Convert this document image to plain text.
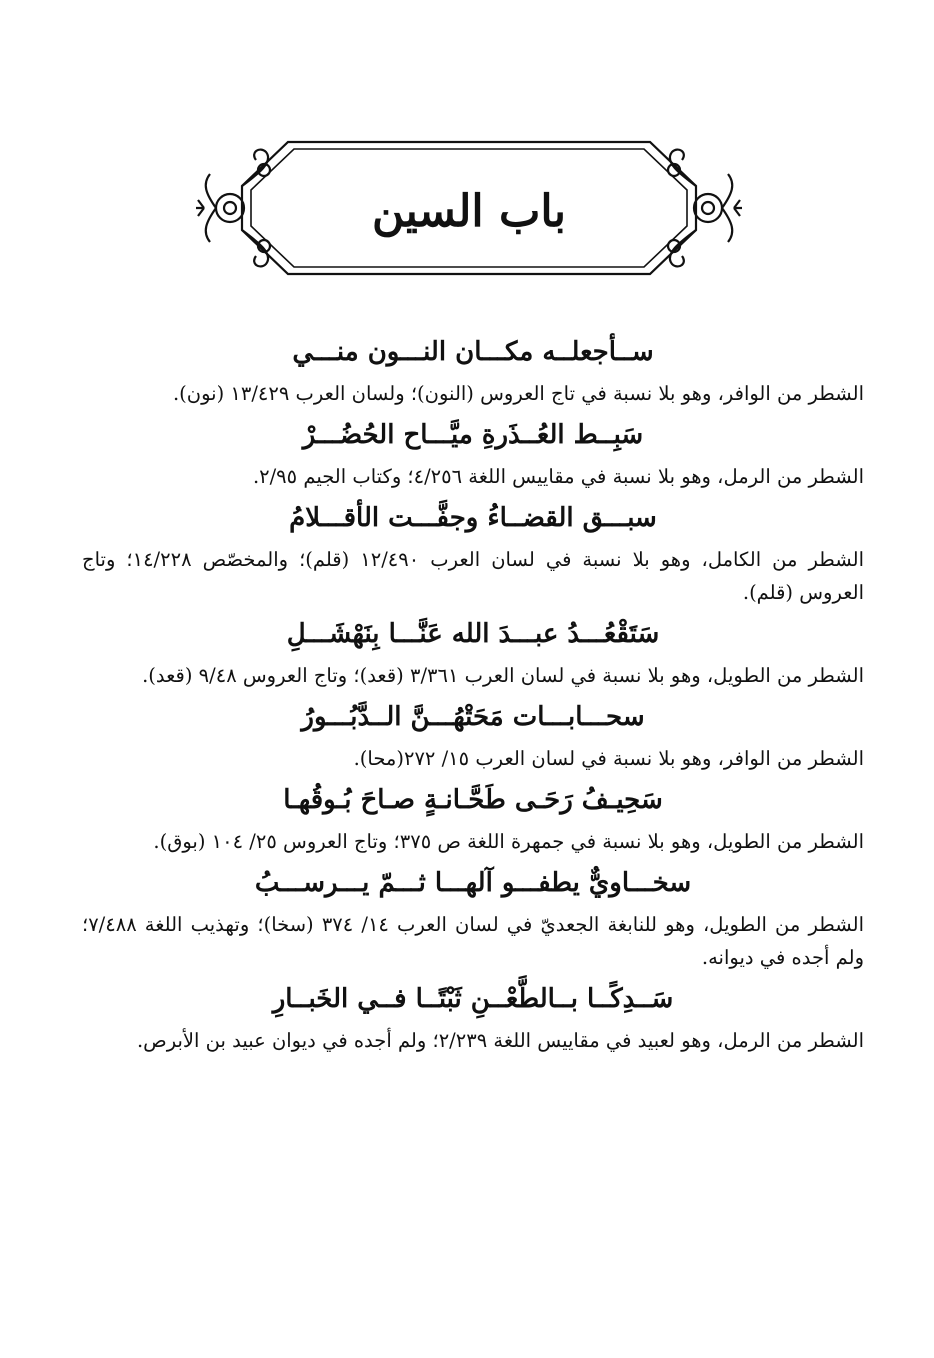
باب السين

ســأجعلــه مكـــان النـــون منـــي

الشطر من الوافر، وهو بلا نسبة في تاج العروس (النون)؛ ولسان العرب ١٣/٤٢٩ (نون).

سَبِــط العُــذَرةِ ميَّـــاح الحُضُـــرْ

الشطر من الرمل، وهو بلا نسبة في مقاييس اللغة ٤/٢٥٦؛ وكتاب الجيم ٢/٩٥.

سبـــق القضــاءُ وجفَّـــت الأقـــلامُ

الشطر من الكامل، وهو بلا نسبة في لسان العرب ١٢/٤٩٠ (قلم)؛ والمخصّص ١٤/٢٢٨؛ وتاج العروس (قلم).

سَتَقْعُـــدُ عبـــدَ الله عَنَّـــا بِنَهْشَـــلِ

الشطر من الطويل، وهو بلا نسبة في لسان العرب ٣/٣٦١ (قعد)؛ وتاج العروس ٩/٤٨ (قعد).

سحـــابـــات مَحَتْهُـــنَّ الــدَّبُـــورُ

الشطر من الوافر، وهو بلا نسبة في لسان العرب ١٥/ ٢٧٢(محا).

سَحِيـفُ رَحَـى طَحَّـانـةٍ صـاحَ بُـوقُهـا

الشطر من الطويل، وهو بلا نسبة في جمهرة اللغة ص ٣٧٥؛ وتاج العروس ٢٥/ ١٠٤ (بوق).

سخـــاويٌّ يطفـــو آلهـــا ثـــمّ يـــرســـبُ

الشطر من الطويل، وهو للنابغة الجعديّ في لسان العرب ١٤/ ٣٧٤ (سخا)؛ وتهذيب اللغة ٧/٤٨٨؛ ولم أجده في ديوانه.

سَــدِكًــا بــالطَّعْــنِ ثَبْتًــا فــي الخَبــارِ

الشطر من الرمل، وهو لعبيد في مقاييس اللغة ٢/٢٣٩؛ ولم أجده في ديوان عبيد بن الأبرص.
